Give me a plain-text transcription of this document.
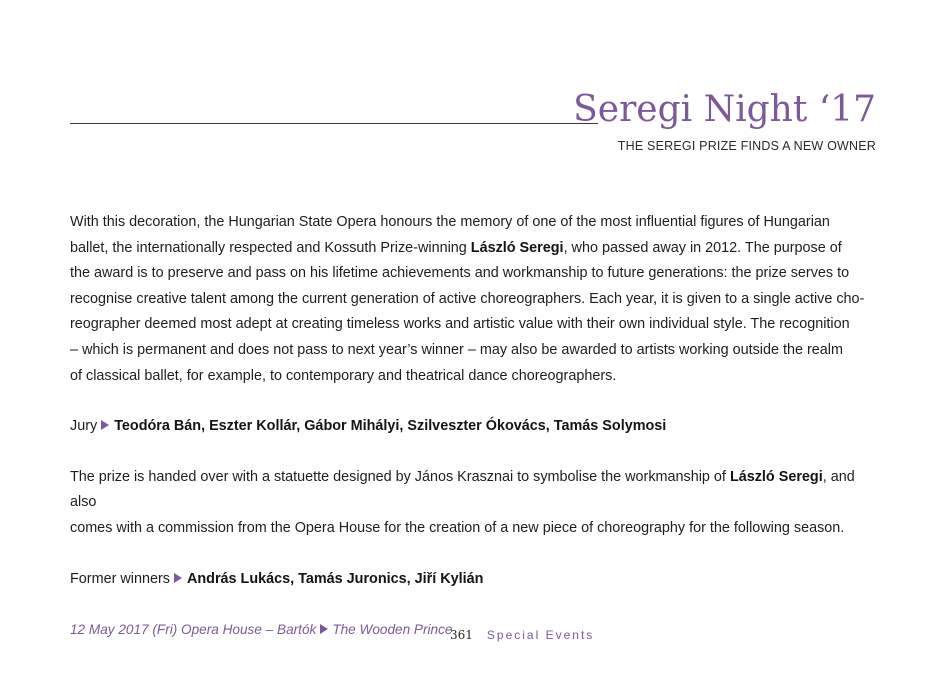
Seregi Night ‘17
THE SEREGI PRIZE FINDS A NEW OWNER

With this decoration, the Hungarian State Opera honours the memory of one of the most influential figures of Hungarian
ballet, the internationally respected and Kossuth Prize-winning László Seregi, who passed away in 2012. The purpose of
the award is to preserve and pass on his lifetime achievements and workmanship to future generations: the prize serves to
recognise creative talent among the current generation of active choreographers. Each year, it is given to a single active cho-
reographer deemed most adept at creating timeless works and artistic value with their own individual style. The recognition
– which is permanent and does not pass to next year’s winner – may also be awarded to artists working outside the realm
of classical ballet, for example, to contemporary and theatrical dance choreographers.

Jury Teodóra Bán, Eszter Kollár, Gábor Mihályi, Szilveszter Ókovács, Tamás Solymosi

The prize is handed over with a statuette designed by János Krasznai to symbolise the workmanship of László Seregi, and also
comes with a commission from the Opera House for the creation of a new piece of choreography for the following season.

Former winners András Lukács, Tamás Juronics, Jiří Kylián

12 May 2017 (Fri) Opera House – Bartók The Wooden Prince

361 Special Events
